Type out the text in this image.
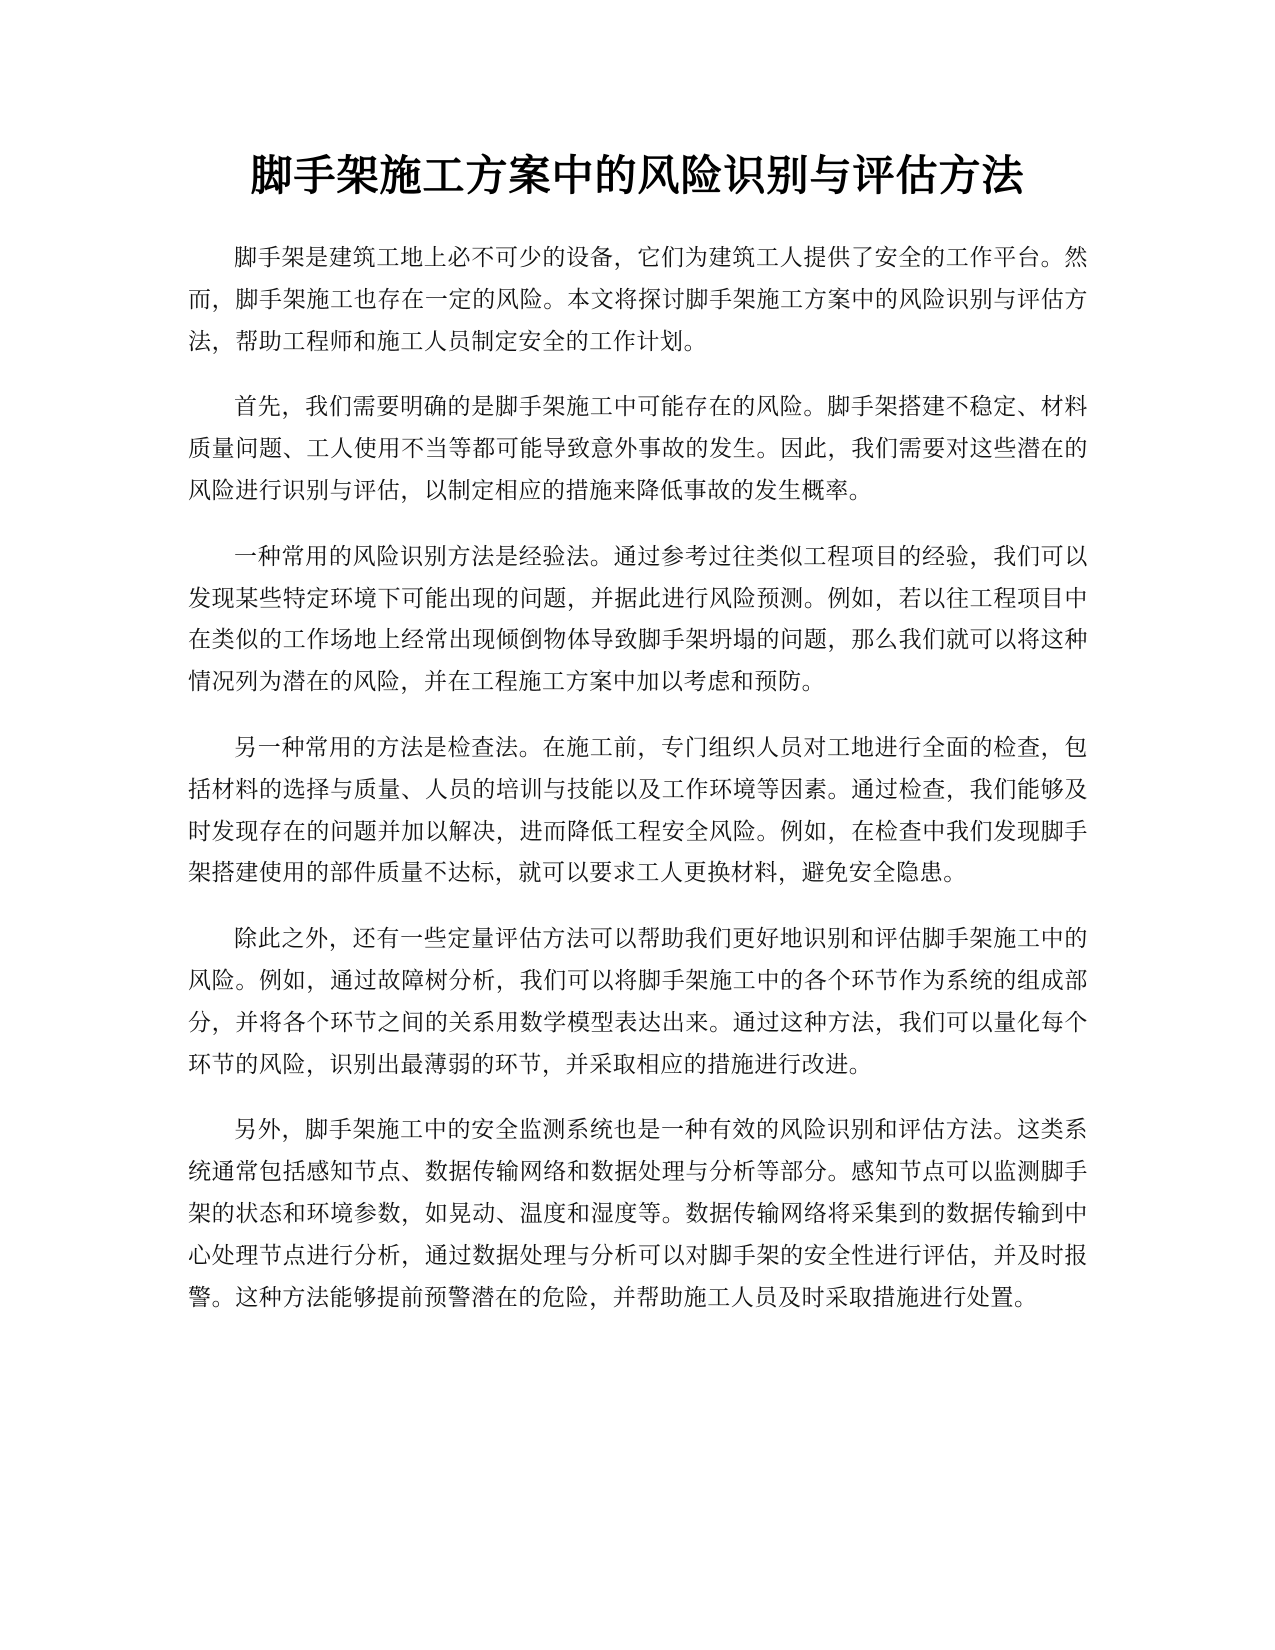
脚手架施工方案中的风险识别与评估方法

脚手架是建筑工地上必不可少的设备，它们为建筑工人提供了安全的工作平台。然而，脚手架施工也存在一定的风险。本文将探讨脚手架施工方案中的风险识别与评估方法，帮助工程师和施工人员制定安全的工作计划。

首先，我们需要明确的是脚手架施工中可能存在的风险。脚手架搭建不稳定、材料质量问题、工人使用不当等都可能导致意外事故的发生。因此，我们需要对这些潜在的风险进行识别与评估，以制定相应的措施来降低事故的发生概率。

一种常用的风险识别方法是经验法。通过参考过往类似工程项目的经验，我们可以发现某些特定环境下可能出现的问题，并据此进行风险预测。例如，若以往工程项目中在类似的工作场地上经常出现倾倒物体导致脚手架坍塌的问题，那么我们就可以将这种情况列为潜在的风险，并在工程施工方案中加以考虑和预防。

另一种常用的方法是检查法。在施工前，专门组织人员对工地进行全面的检查，包括材料的选择与质量、人员的培训与技能以及工作环境等因素。通过检查，我们能够及时发现存在的问题并加以解决，进而降低工程安全风险。例如，在检查中我们发现脚手架搭建使用的部件质量不达标，就可以要求工人更换材料，避免安全隐患。

除此之外，还有一些定量评估方法可以帮助我们更好地识别和评估脚手架施工中的风险。例如，通过故障树分析，我们可以将脚手架施工中的各个环节作为系统的组成部分，并将各个环节之间的关系用数学模型表达出来。通过这种方法，我们可以量化每个环节的风险，识别出最薄弱的环节，并采取相应的措施进行改进。

另外，脚手架施工中的安全监测系统也是一种有效的风险识别和评估方法。这类系统通常包括感知节点、数据传输网络和数据处理与分析等部分。感知节点可以监测脚手架的状态和环境参数，如晃动、温度和湿度等。数据传输网络将采集到的数据传输到中心处理节点进行分析，通过数据处理与分析可以对脚手架的安全性进行评估，并及时报警。这种方法能够提前预警潜在的危险，并帮助施工人员及时采取措施进行处置。
